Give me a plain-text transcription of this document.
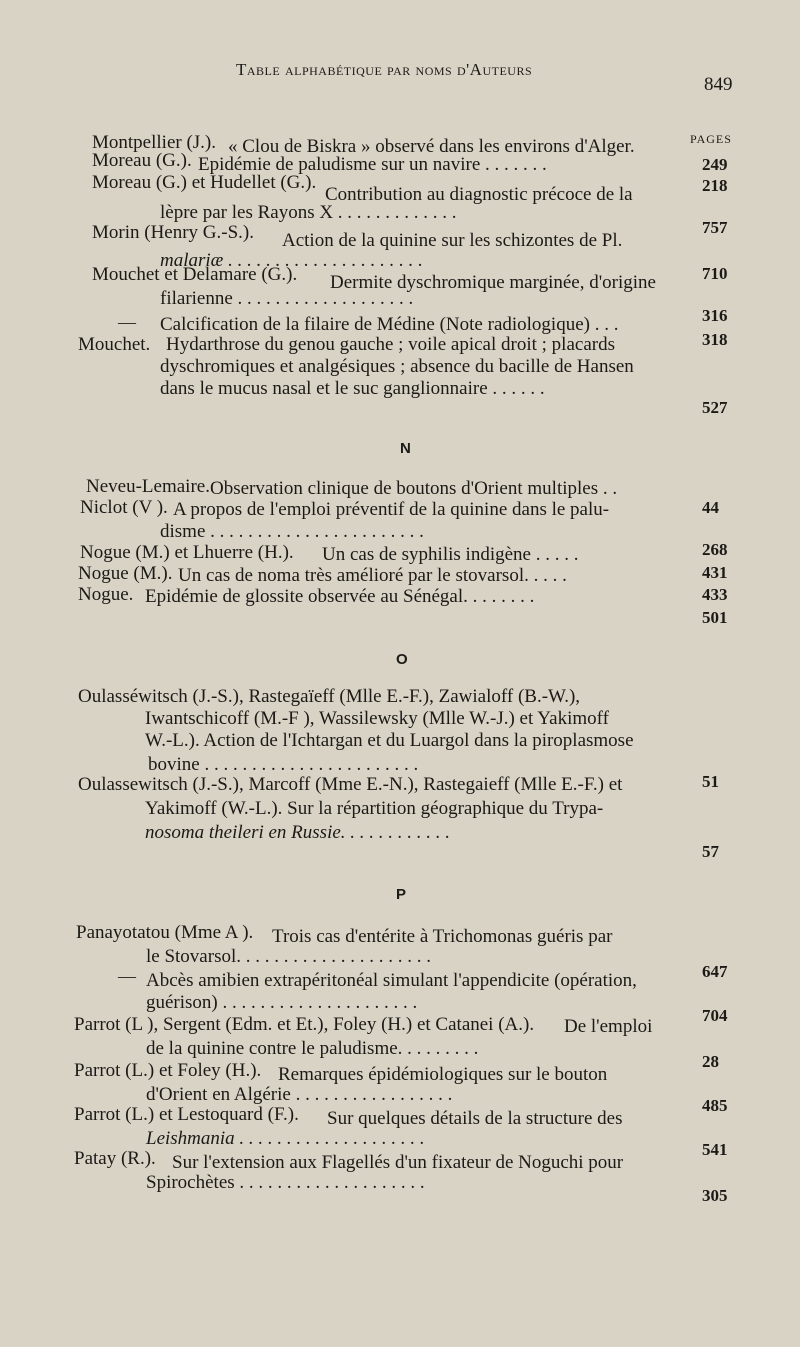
Table alphabétique par noms d'Auteurs
849
PAGES
Montpellier (J.). « Clou de Biskra » observé dans les environs d'Alger.
249
Moreau (G.). Epidémie de paludisme sur un navire . . . . . . .
218
Moreau (G.) et Hudellet (G.).
Contribution au diagnostic précoce de la
lèpre par les Rayons X . . . . . . . . . . . . .
757
Morin (Henry G.-S.). Action de la quinine sur les schizontes de Pl.
malariæ . . . . . . . . . . . . . . . . . . . . .
710
Mouchet et Delamare (G.). Dermite dyschromique marginée, d'origine
filarienne . . . . . . . . . . . . . . . . . . .
316
— Calcification de la filaire de Médine (Note radiologique) . . .
318
Mouchet. Hydarthrose du genou gauche ; voile apical droit ; placards
dyschromiques et analgésiques ; absence du bacille de Hansen
dans le mucus nasal et le suc ganglionnaire . . . . . .
527
N
Neveu-Lemaire. Observation clinique de boutons d'Orient multiples . .
44
Niclot (V ). A propos de l'emploi préventif de la quinine dans le palu-
disme . . . . . . . . . . . . . . . . . . . . . . .
268
Nogue (M.) et Lhuerre (H.). Un cas de syphilis indigène . . . . .
431
Nogue (M.). Un cas de noma très amélioré par le stovarsol. . . . .
433
Nogue. Epidémie de glossite observée au Sénégal. . . . . . . .
501
O
Oulasséwitsch (J.-S.), Rastegaïeff (Mlle E.-F.), Zawialoff (B.-W.),
Iwantschicoff (M.-F ), Wassilewsky (Mlle W.-J.) et Yakimoff
W.-L.). Action de l'Ichtargan et du Luargol dans la piroplasmose
bovine . . . . . . . . . . . . . . . . . . . . . . .
51
Oulassewitsch (J.-S.), Marcoff (Mme E.-N.), Rastegaieff (Mlle E.-F.) et
Yakimoff (W.-L.). Sur la répartition géographique du Trypa-
nosoma theileri en Russie. . . . . . . . . . . .
57
P
Panayotatou (Mme A ). Trois cas d'entérite à Trichomonas guéris par
le Stovarsol. . . . . . . . . . . . . . . . . . . . .
647
— Abcès amibien extrapéritonéal simulant l'appendicite (opération,
guérison) . . . . . . . . . . . . . . . . . . . . .
704
Parrot (L ), Sergent (Edm. et Et.), Foley (H.) et Catanei (A.). De l'emploi
de la quinine contre le paludisme. . . . . . . . .
28
Parrot (L.) et Foley (H.). Remarques épidémiologiques sur le bouton
d'Orient en Algérie . . . . . . . . . . . . . . . . .
485
Parrot (L.) et Lestoquard (F.). Sur quelques détails de la structure des
Leishmania . . . . . . . . . . . . . . . . . . . .
541
Patay (R.). Sur l'extension aux Flagellés d'un fixateur de Noguchi pour
Spirochètes . . . . . . . . . . . . . . . . . . . .
305
